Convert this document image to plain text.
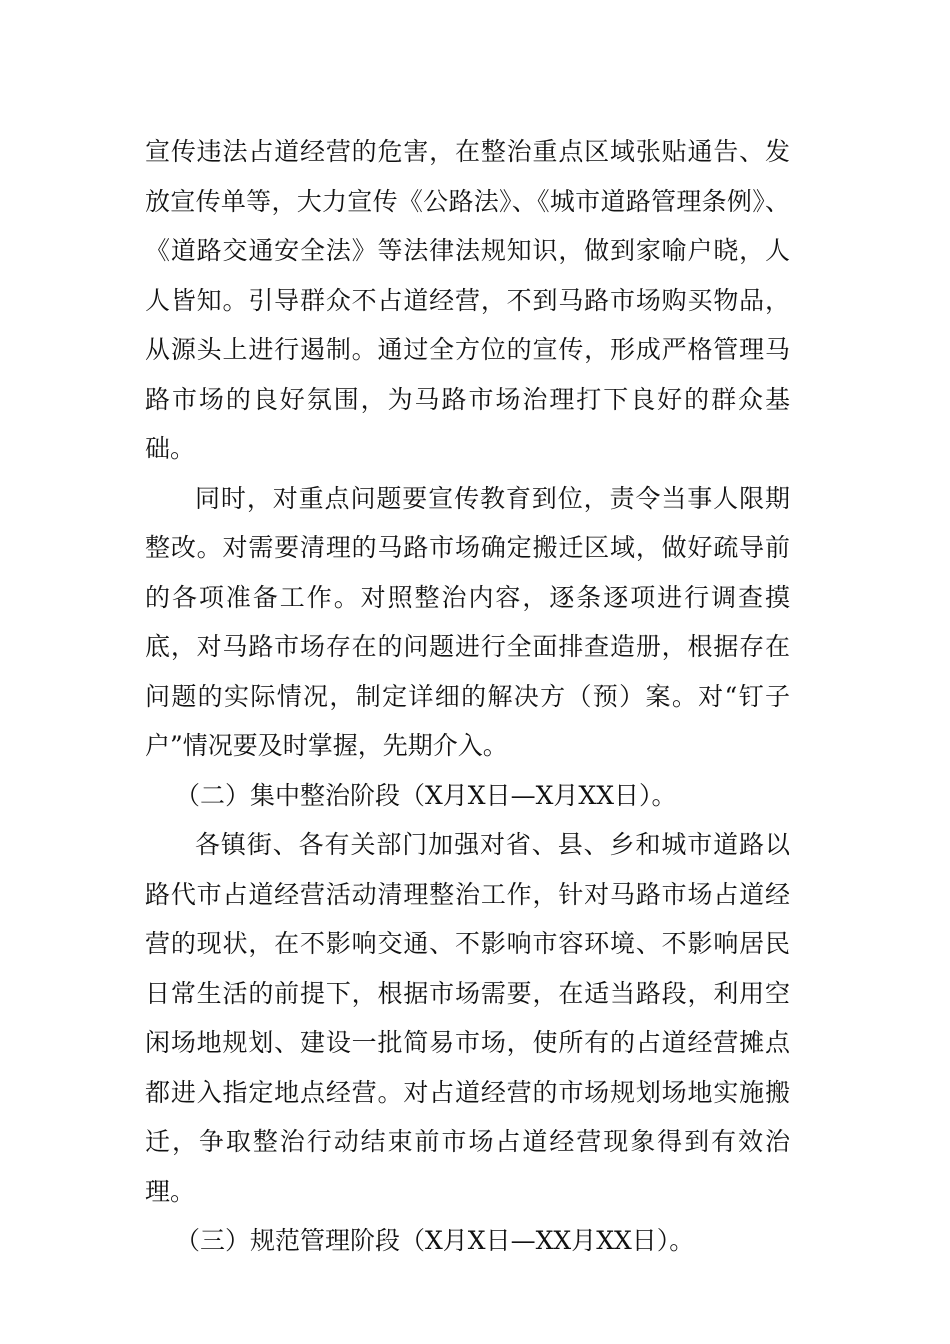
宣传违法占道经营的危害，在整治重点区域张贴通告、发放宣传单等，大力宣传《公路法》、《城市道路管理条例》、《道路交通安全法》等法律法规知识，做到家喻户晓，人人皆知。引导群众不占道经营，不到马路市场购买物品，从源头上进行遏制。通过全方位的宣传，形成严格管理马路市场的良好氛围，为马路市场治理打下良好的群众基础。

同时，对重点问题要宣传教育到位，责令当事人限期整改。对需要清理的马路市场确定搬迁区域，做好疏导前的各项准备工作。对照整治内容，逐条逐项进行调查摸底，对马路市场存在的问题进行全面排查造册，根据存在问题的实际情况，制定详细的解决方（预）案。对“钉子户”情况要及时掌握，先期介入。

（二）集中整治阶段（X月X日—X月XX日）。

各镇街、各有关部门加强对省、县、乡和城市道路以路代市占道经营活动清理整治工作，针对马路市场占道经营的现状，在不影响交通、不影响市容环境、不影响居民日常生活的前提下，根据市场需要，在适当路段，利用空闲场地规划、建设一批简易市场，使所有的占道经营摊点都进入指定地点经营。对占道经营的市场规划场地实施搬迁，争取整治行动结束前市场占道经营现象得到有效治理。

（三）规范管理阶段（X月X日—XX月XX日）。
